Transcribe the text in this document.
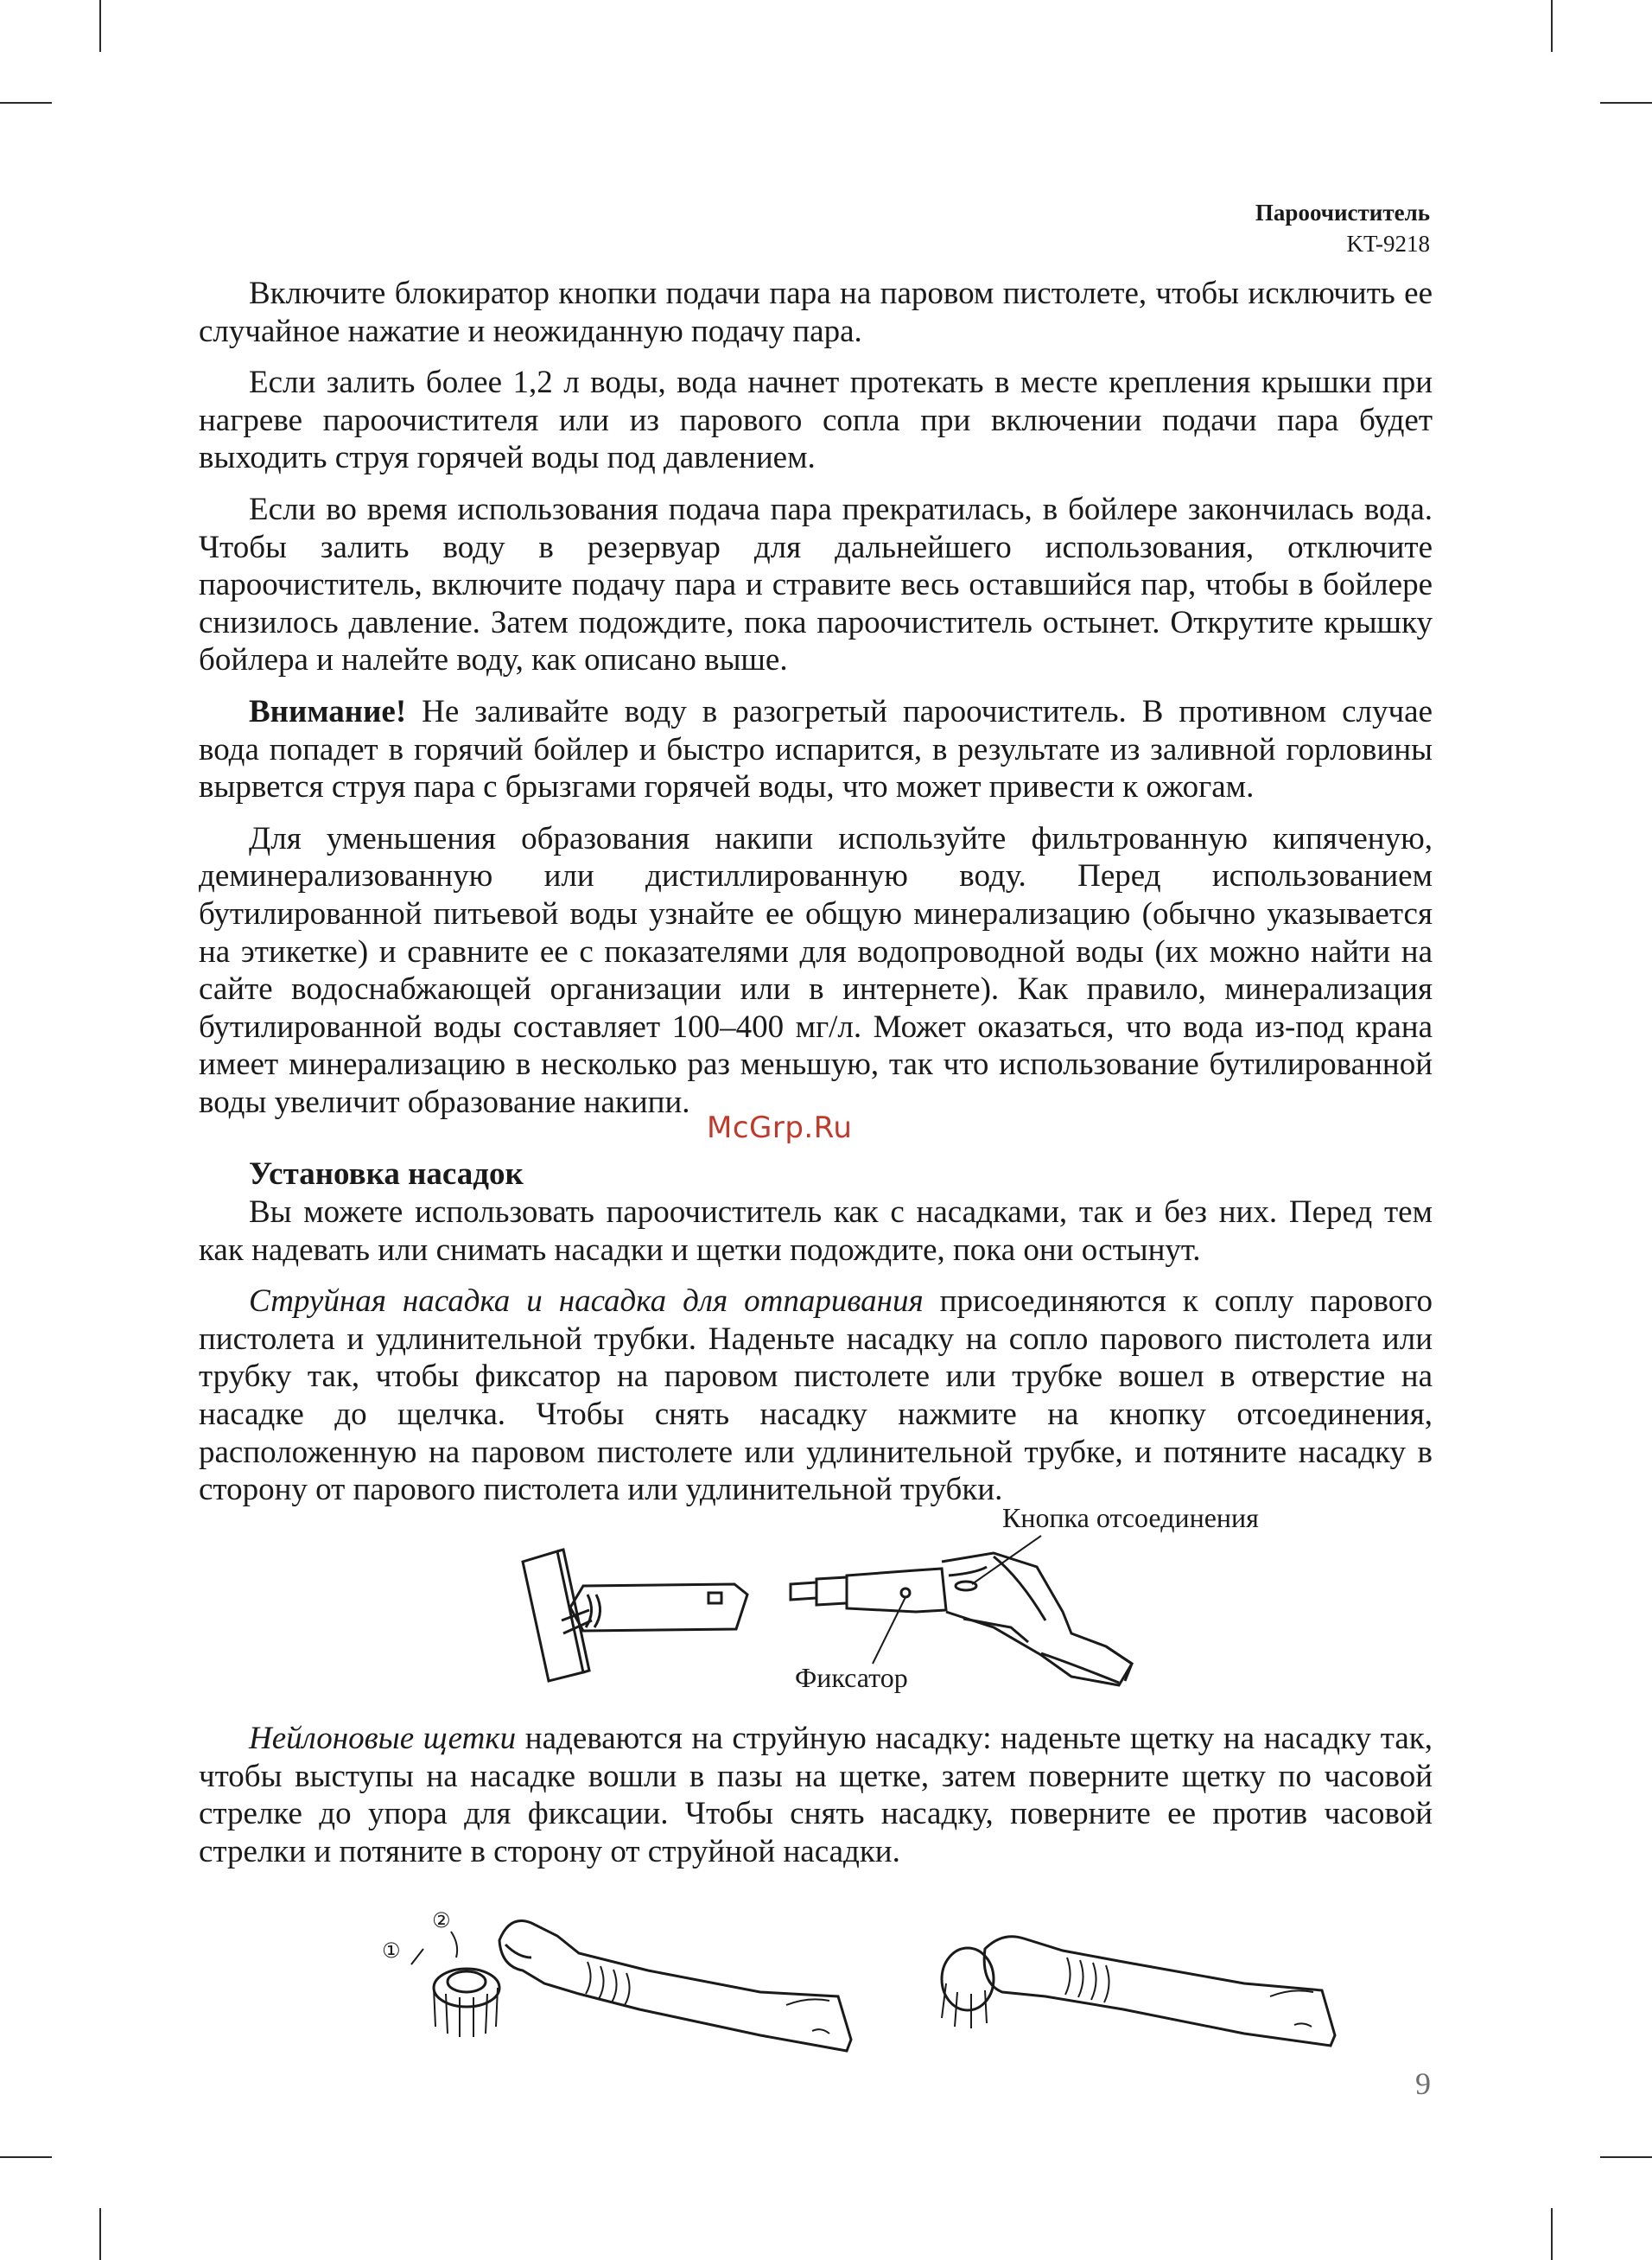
Пароочиститель
KT-9218

Включите блокиратор кнопки подачи пара на паровом пистолете, чтобы исключить ее случайное нажатие и неожиданную подачу пара.

Если залить более 1,2 л воды, вода начнет протекать в месте крепления крышки при нагреве пароочистителя или из парового сопла при включении подачи пара будет выходить струя горячей воды под давлением.

Если во время использования подача пара прекратилась, в бойлере закончилась вода. Чтобы залить воду в резервуар для дальнейшего использования, отключите пароочиститель, включите подачу пара и стравите весь оставшийся пар, чтобы в бойлере снизилось давление. Затем подождите, пока пароочиститель остынет. Открутите крышку бойлера и налейте воду, как описано выше.

Внимание! Не заливайте воду в разогретый пароочиститель. В противном случае вода попадет в горячий бойлер и быстро испарится, в результате из заливной горловины вырвется струя пара с брызгами горячей воды, что может привести к ожогам.

Для уменьшения образования накипи используйте фильтрованную кипяченую, деминерализованную или дистиллированную воду. Перед использованием бутилированной питьевой воды узнайте ее общую минерализацию (обычно указывается на этикетке) и сравните ее с показателями для водопроводной воды (их можно найти на сайте водоснабжающей организации или в интернете). Как правило, минерализация бутилированной воды составляет 100–400 мг/л. Может оказаться, что вода из-под крана имеет минерализацию в несколько раз меньшую, так что использование бутилированной воды увеличит образование накипи.

Установка насадок

Вы можете использовать пароочиститель как с насадками, так и без них. Перед тем как надевать или снимать насадки и щетки подождите, пока они остынут.

Струйная насадка и насадка для отпаривания присоединяются к соплу парового пистолета и удлинительной трубки. Наденьте насадку на сопло парового пистолета или трубку так, чтобы фиксатор на паровом пистолете или трубке вошел в отверстие на насадке до щелчка. Чтобы снять насадку нажмите на кнопку отсоединения, расположенную на паровом пистолете или удлинительной трубке, и потяните насадку в сторону от парового пистолета или удлинительной трубки.

McGrp.Ru
Кнопка отсоединения
Фиксатор

Нейлоновые щетки надеваются на струйную насадку: наденьте щетку на насадку так, чтобы выступы на насадке вошли в пазы на щетке, затем поверните щетку по часовой стрелке до упора для фиксации. Чтобы снять насадку, поверните ее против часовой стрелки и потяните в сторону от струйной насадки.

①
②
9
